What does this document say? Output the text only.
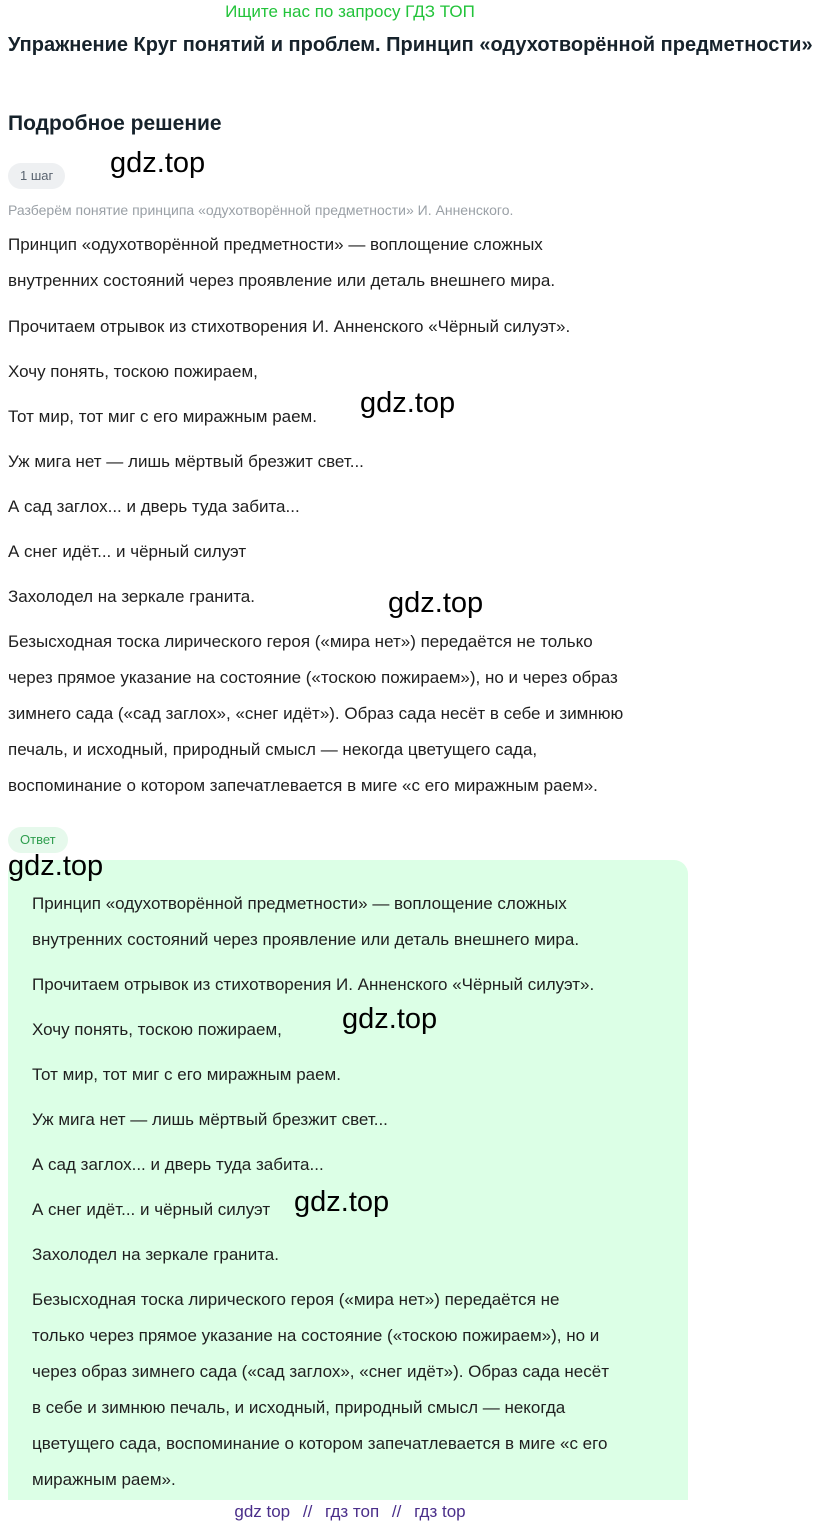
Ищите нас по запросу ГДЗ ТОП
Упражнение Круг понятий и проблем. Принцип «одухотворённой предметности»
Подробное решение
1 шаг	gdz.top
gdz.top
gdz.top
gdz.top
gdz.top
gdz.top

Разберём понятие принципа «одухотворённой предметности» И. Анненского.

Принцип «одухотворённой предметности» — воплощение сложных

внутренних состояний через проявление или деталь внешнего мира.

Прочитаем отрывок из стихотворения И. Анненского «Чёрный силуэт».

Хочу понять, тоскою пожираем,

Тот мир, тот миг с его миражным раем.

Уж мига нет — лишь мёртвый брезжит свет...

А сад заглох... и дверь туда забита...

А снег идёт... и чёрный силуэт

Захолодел на зеркале гранита.

Безысходная тоска лирического героя («мира нет») передаётся не только

через прямое указание на состояние («тоскою пожираем»), но и через образ

зимнего сада («сад заглох», «снег идёт»). Образ сада несёт в себе и зимнюю

печаль, и исходный, природный смысл — некогда цветущего сада,

воспоминание о котором запечатлевается в миге «с его миражным раем».

Ответ

Принцип «одухотворённой предметности» — воплощение сложных

внутренних состояний через проявление или деталь внешнего мира.

Прочитаем отрывок из стихотворения И. Анненского «Чёрный силуэт».

Хочу понять, тоскою пожираем,

Тот мир, тот миг с его миражным раем.

Уж мига нет — лишь мёртвый брезжит свет...

А сад заглох... и дверь туда забита...

А снег идёт... и чёрный силуэт

Захолодел на зеркале гранита.

Безысходная тоска лирического героя («мира нет») передаётся не

только через прямое указание на состояние («тоскою пожираем»), но и

через образ зимнего сада («сад заглох», «снег идёт»). Образ сада несёт

в себе и зимнюю печаль, и исходный, природный смысл — некогда

цветущего сада, воспоминание о котором запечатлевается в миге «с его

миражным раем».

gdz top // гдз топ // гдз top
